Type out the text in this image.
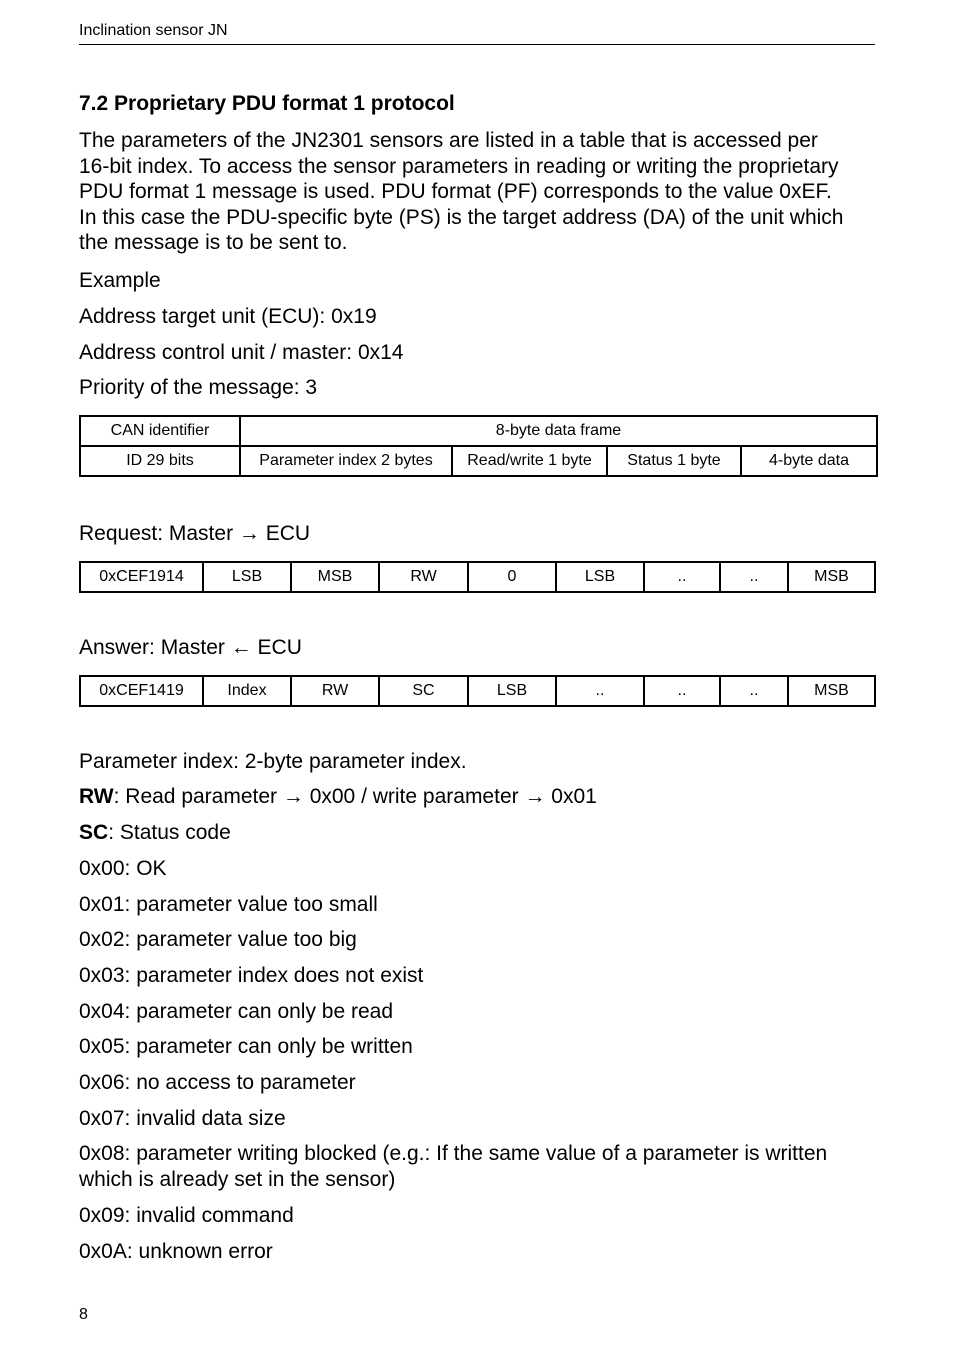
Inclination sensor JN
7.2 Proprietary PDU format 1 protocol
The parameters of the JN2301 sensors are listed in a table that is accessed per
16-bit index. To access the sensor parameters in reading or writing the proprietary
PDU format 1 message is used. PDU format (PF) corresponds to the value 0xEF.
In this case the PDU-specific byte (PS) is the target address (DA) of the unit which
the message is to be sent to.
Example
Address target unit (ECU): 0x19
Address control unit / master: 0x14
Priority of the message: 3
CAN identifier	8-byte data frame			
ID 29 bits	Parameter index 2 bytes	Read/write 1 byte	Status 1 byte	4-byte data
Request: Master → ECU
0xCEF1914	LSB	MSB	RW	0	LSB	..	..	MSB
Answer: Master ← ECU
0xCEF1419	Index	RW	SC	LSB	..	..	..	MSB
Parameter index: 2-byte parameter index.
RW: Read parameter → 0x00 / write parameter → 0x01
SC: Status code
0x00: OK
0x01: parameter value too small
0x02: parameter value too big
0x03: parameter index does not exist
0x04: parameter can only be read
0x05: parameter can only be written
0x06: no access to parameter
0x07: invalid data size
0x08: parameter writing blocked (e.g.: If the same value of a parameter is written
which is already set in the sensor)
0x09: invalid command
0x0A: unknown error
8
